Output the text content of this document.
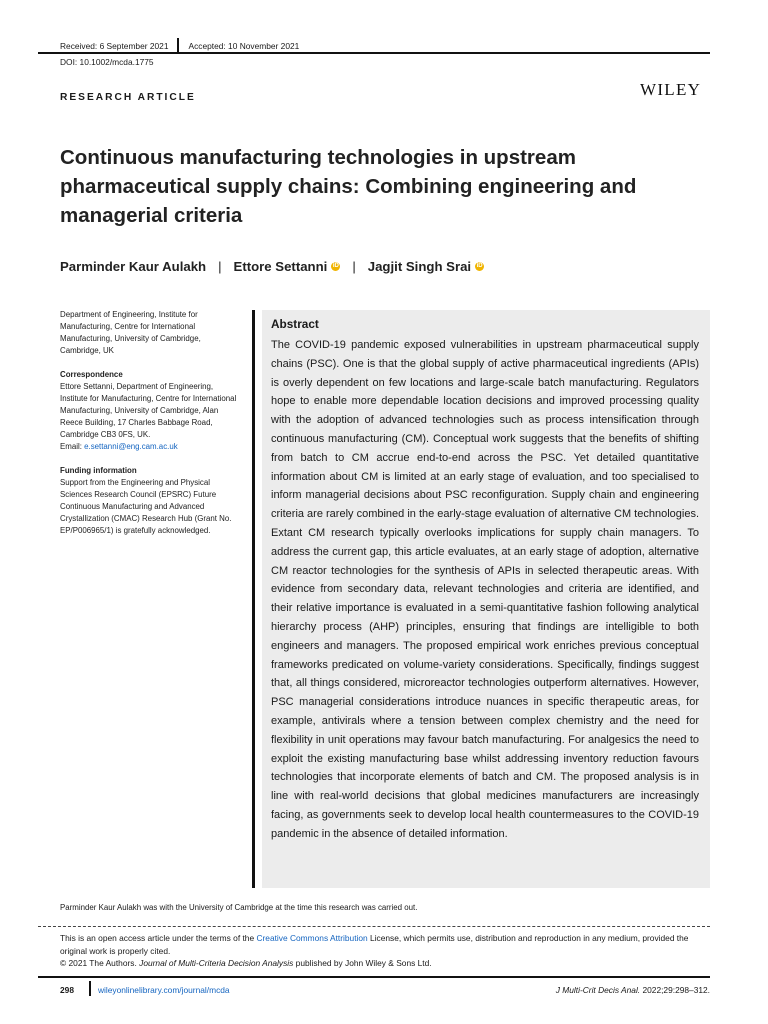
Received: 6 September 2021 Accepted: 10 November 2021
DOI: 10.1002/mcda.1775
RESEARCH ARTICLE	WILEY
Continuous manufacturing technologies in upstream pharmaceutical supply chains: Combining engineering and managerial criteria
Parminder Kaur Aulakh | Ettore Settanni iD | Jagjit Singh Srai iD

Department of Engineering, Institute for Manufacturing, Centre for International Manufacturing, University of Cambridge, Cambridge, UK

Correspondence
Ettore Settanni, Department of Engineering, Institute for Manufacturing, Centre for International Manufacturing, University of Cambridge, Alan Reece Building, 17 Charles Babbage Road, Cambridge CB3 0FS, UK.
Email: e.settanni@eng.cam.ac.uk

Funding information
Support from the Engineering and Physical Sciences Research Council (EPSRC) Future Continuous Manufacturing and Advanced Crystallization (CMAC) Research Hub (Grant No. EP/P006965/1) is gratefully acknowledged.

Abstract
The COVID-19 pandemic exposed vulnerabilities in upstream pharmaceutical supply chains (PSC). One is that the global supply of active pharmaceutical ingredients (APIs) is overly dependent on few locations and large-scale batch manufacturing. Regulators hope to enable more dependable location decisions and improved processing quality with the adoption of advanced technologies such as process intensification through continuous manufacturing (CM). Conceptual work suggests that the benefits of shifting from batch to CM accrue end-to-end across the PSC. Yet detailed quantitative information about CM is limited at an early stage of evaluation, and too specialised to inform managerial decisions about PSC reconfiguration. Supply chain and engineering criteria are rarely combined in the early-stage evaluation of alternative CM technologies. Extant CM research typically overlooks implications for supply chain managers. To address the current gap, this article evaluates, at an early stage of adoption, alternative CM reactor technologies for the synthesis of APIs in selected therapeutic areas. With evidence from secondary data, relevant technologies and criteria are identified, and their relative importance is evaluated in a semi-quantitative fashion following analytical hierarchy process (AHP) principles, ensuring that findings are intelligible to both engineers and managers. The proposed empirical work enriches previous conceptual frameworks predicated on volume-variety considerations. Specifically, findings suggest that, all things considered, microreactor technologies outperform alternatives. However, PSC managerial considerations introduce nuances in specific therapeutic areas, for example, antivirals where a tension between complex chemistry and the need for flexibility in unit operations may favour batch manufacturing. For analgesics the need to exploit the existing manufacturing base whilst addressing inventory reduction favours technologies that incorporate elements of batch and CM. The proposed analysis is in line with real-world decisions that global medicines manufacturers are increasingly facing, as governments seek to develop local health countermeasures to the COVID-19 pandemic in the absence of detailed information.
Parminder Kaur Aulakh was with the University of Cambridge at the time this research was carried out.
This is an open access article under the terms of the Creative Commons Attribution License, which permits use, distribution and reproduction in any medium, provided the original work is properly cited.
© 2021 The Authors. Journal of Multi-Criteria Decision Analysis published by John Wiley & Sons Ltd.
298	wileyonlinelibrary.com/journal/mcda	J Multi-Crit Decis Anal. 2022;29:298–312.
